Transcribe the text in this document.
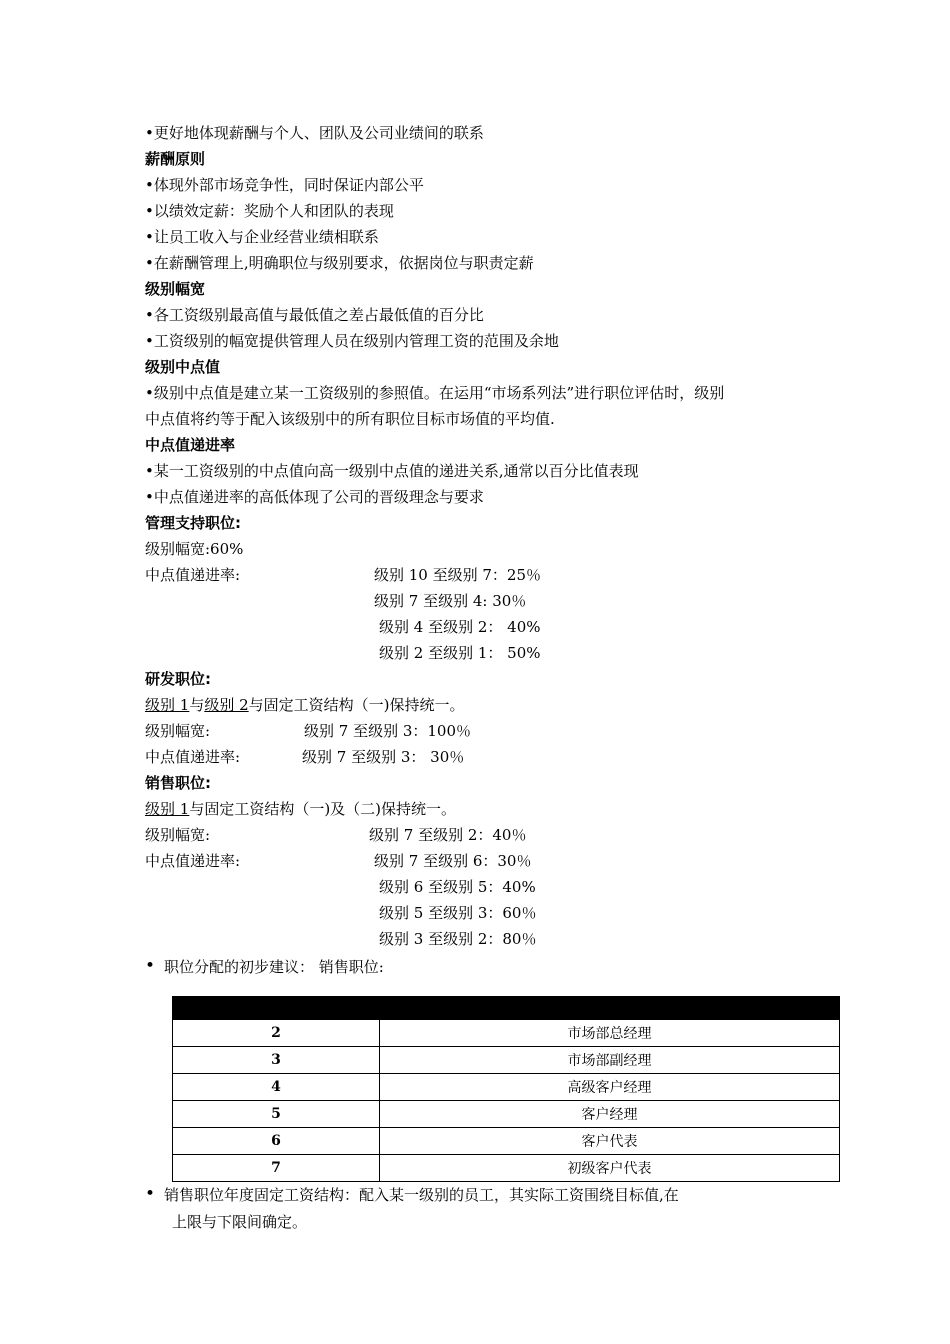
•更好地体现薪酬与个人、团队及公司业绩间的联系
薪酬原则
•体现外部市场竞争性，同时保证内部公平
•以绩效定薪：奖励个人和团队的表现
•让员工收入与企业经营业绩相联系
•在薪酬管理上,明确职位与级别要求，依据岗位与职责定薪
级别幅宽
•各工资级别最高值与最低值之差占最低值的百分比
•工资级别的幅宽提供管理人员在级别内管理工资的范围及余地
级别中点值
•级别中点值是建立某一工资级别的参照值。在运用“市场系列法”进行职位评估时，级别
中点值将约等于配入该级别中的所有职位目标市场值的平均值.
中点值递进率
•某一工资级别的中点值向高一级别中点值的递进关系,通常以百分比值表现
•中点值递进率的高低体现了公司的晋级理念与要求
管理支持职位:
级别幅宽:60%
中点值递进率:	级别 10 至级别 7：25％
级别 7 至级别 4: 30％
级别 4 至级别 2： 40%
级别 2 至级别 1： 50%
研发职位:
级别 1与级别 2与固定工资结构（一)保持统一。
级别幅宽:	级别 7 至级别 3：100％
中点值递进率:	级别 7 至级别 3： 30％
销售职位:
级别 1与固定工资结构（一)及（二)保持统一。
级别幅宽:	级别 7 至级别 2：40％
中点值递进率:	级别 7 至级别 6：30％
级别 6 至级别 5：40%
级别 5 至级别 3：60％
级别 3 至级别 2：80％
• 职位分配的初步建议： 销售职位:

2	市场部总经理
3	市场部副经理
4	高级客户经理
5	客户经理
6	客户代表
7	初级客户代表
• 销售职位年度固定工资结构：配入某一级别的员工，其实际工资围绕目标值,在
上限与下限间确定。
